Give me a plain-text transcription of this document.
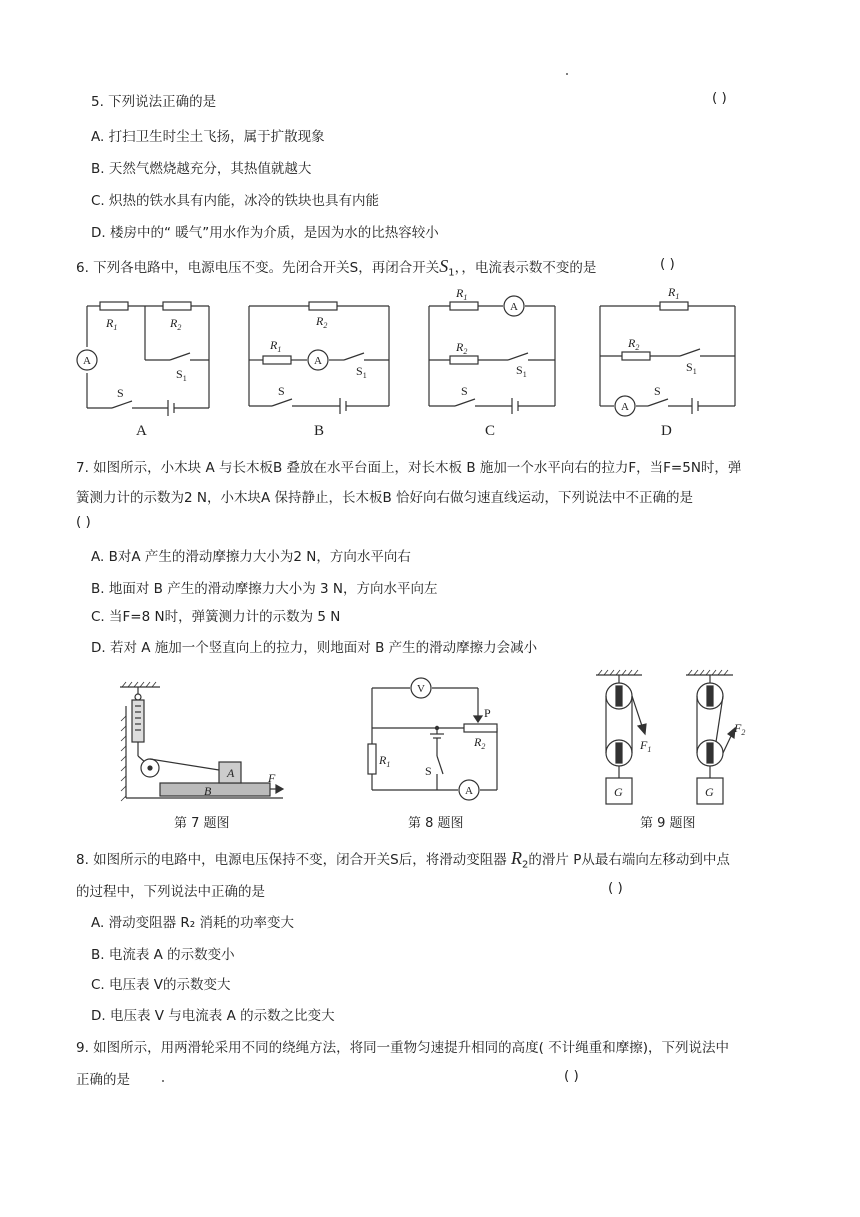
5. 下列说法正确的是	( )
A. 打扫卫生时尘土飞扬，属于扩散现象
B. 天然气燃烧越充分，其热值就越大
C. 炽热的铁水具有内能，冰冷的铁块也具有内能
D. 楼房中的“ 暖气”用水作为介质，是因为水的比热容较小
6. 下列各电路中，电源电压不变。先闭合开关S，再闭合开关$S_1$，，电流表示数不变的是	( )
$R_1$	$R_2$
A
$S_1$
S
$R_2$
$R_1$
A
$S_1$
S
$R_1$
A
$R_2$
$S_1$
S
$R_1$
$R_2$
$S_1$
A
S
A	B	C	D
7. 如图所示，小木块 A 与长木板B 叠放在水平台面上，对长木板 B 施加一个水平向右的拉力F，当F=5N时，弹
簧测力计的示数为2 N，小木块A 保持静止，长木板B 恰好向右做匀速直线运动，下列说法中不正确的是
( )
A. B对A 产生的滑动摩擦力大小为2 N，方向水平向右
B. 地面对 B 产生的滑动摩擦力大小为 3 N，方向水平向左
C. 当F=8 N时，弹簧测力计的示数为 5 N
D. 若对 A 施加一个竖直向上的拉力，则地面对 B 产生的滑动摩擦力会减小
A
B
F
V
P
$R_2$
$R_1$	S
A
$F_1$
$F_2$
G	G
第 7 题图	第 8 题图	第 9 题图
8. 如图所示的电路中，电源电压保持不变，闭合开关S后，将滑动变阻器 $R_2$的滑片 P从最右端向左移动到中点
的过程中，下列说法中正确的是	( )
A. 滑动变阻器 R₂ 消耗的功率变大
B. 电流表 A 的示数变小
C. 电压表 V的示数变大
D. 电压表 V 与电流表 A 的示数之比变大
9. 如图所示，用两滑轮采用不同的绕绳方法，将同一重物匀速提升相同的高度( 不计绳重和摩擦)，下列说法中
正确的是	( )
